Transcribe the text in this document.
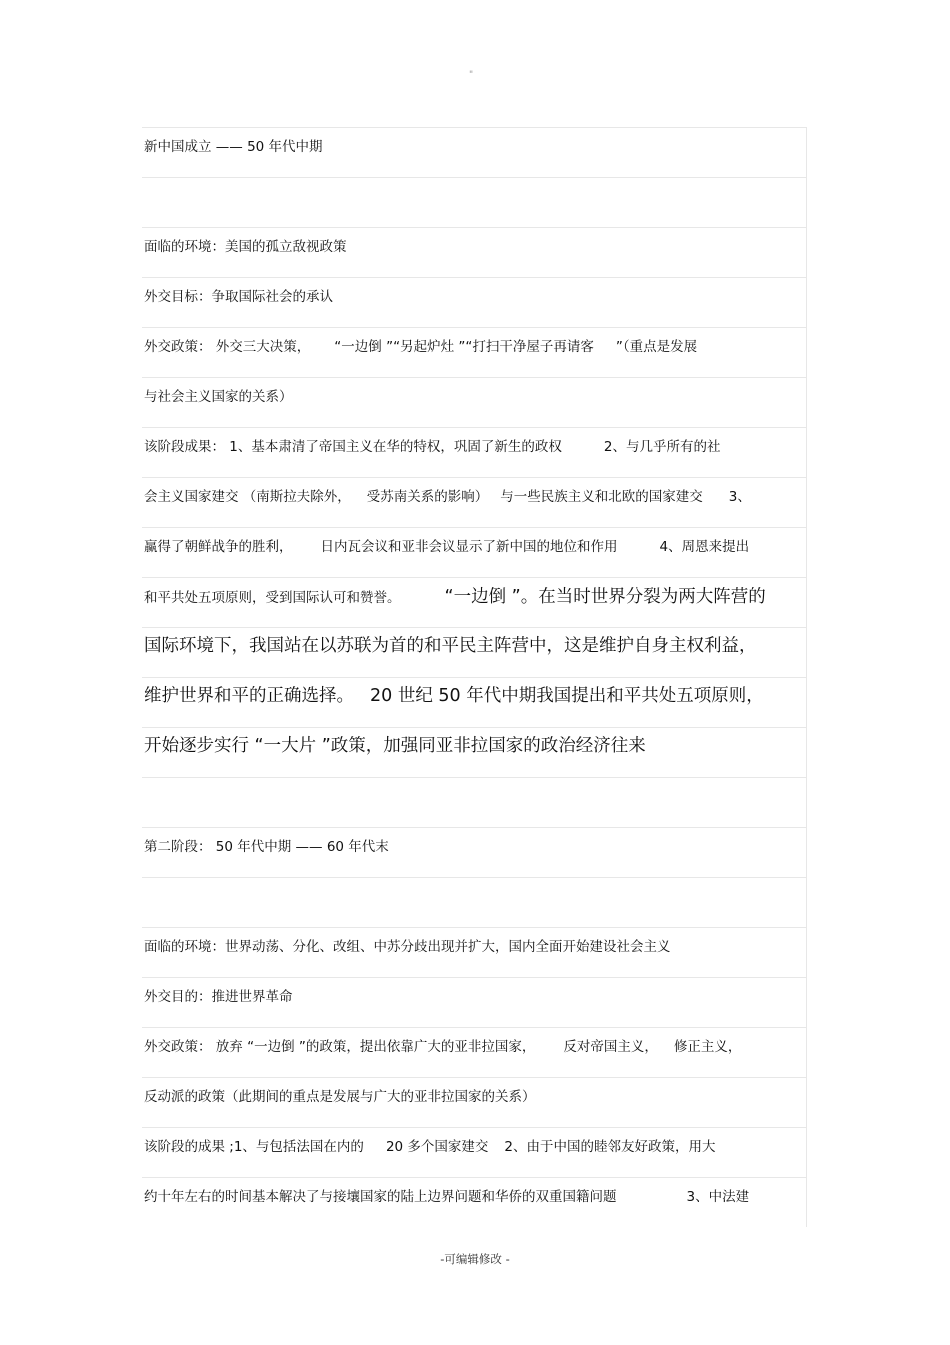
"
新中国成立 —— 50 年代中期
面临的环境：美国的孤立敌视政策
外交目标：争取国际社会的承认
外交政策： 外交三大决策， “一边倒 ”“另起炉灶 ”“打扫干净屋子再请客 ”（重点是发展
与社会主义国家的关系）
该阶段成果： 1、基本肃清了帝国主义在华的特权，巩固了新生的政权	2、与几乎所有的社
会主义国家建交 （南斯拉夫除外， 受苏南关系的影响） 与一些民族主义和北欧的国家建交 3、
赢得了朝鲜战争的胜利， 日内瓦会议和亚非会议显示了新中国的地位和作用	4、周恩来提出
和平共处五项原则，受到国际认可和赞誉。	“一边倒 ”。在当时世界分裂为两大阵营的
国际环境下，我国站在以苏联为首的和平民主阵营中，这是维护自身主权利益，
维护世界和平的正确选择。 20 世纪 50 年代中期我国提出和平共处五项原则，
开始逐步实行 “一大片 ”政策，加强同亚非拉国家的政治经济往来
第二阶段： 50 年代中期 —— 60 年代末
面临的环境：世界动荡、分化、改组、中苏分歧出现并扩大，国内全面开始建设社会主义
外交目的：推进世界革命
外交政策： 放弃 “一边倒 ”的政策，提出依靠广大的亚非拉国家， 反对帝国主义， 修正主义，
反动派的政策（此期间的重点是发展与广大的亚非拉国家的关系）
该阶段的成果 ;1、与包括法国在内的 20 多个国家建交 2、由于中国的睦邻友好政策，用大
约十年左右的时间基本解决了与接壤国家的陆上边界问题和华侨的双重国籍问题	3、中法建
-可编辑修改 -
